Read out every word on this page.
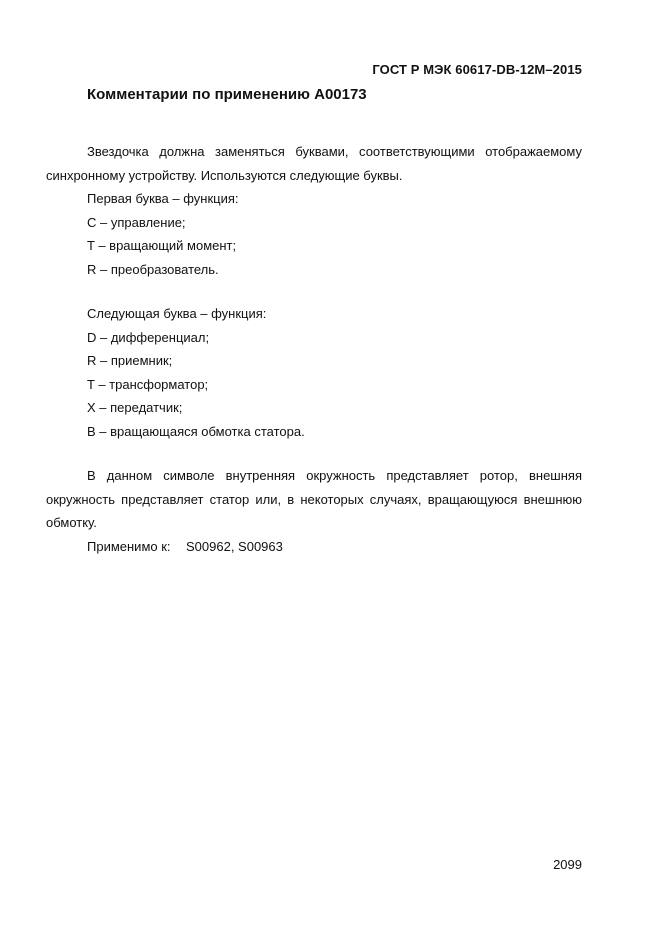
ГОСТ Р МЭК 60617-DB-12M–2015
Комментарии по применению A00173

Звездочка должна заменяться буквами, соответствующими отображаемому синхронному устройству. Используются следующие буквы.

Первая буква – функция:

C – управление;

T – вращающий момент;

R – преобразователь.

Следующая буква – функция:

D – дифференциал;

R – приемник;

T – трансформатор;

X – передатчик;

B – вращающаяся обмотка статора.

В данном символе внутренняя окружность представляет ротор, внешняя окружность представляет статор или, в некоторых случаях, вращающуюся внешнюю обмотку.

Применимо к: S00962, S00963

2099
